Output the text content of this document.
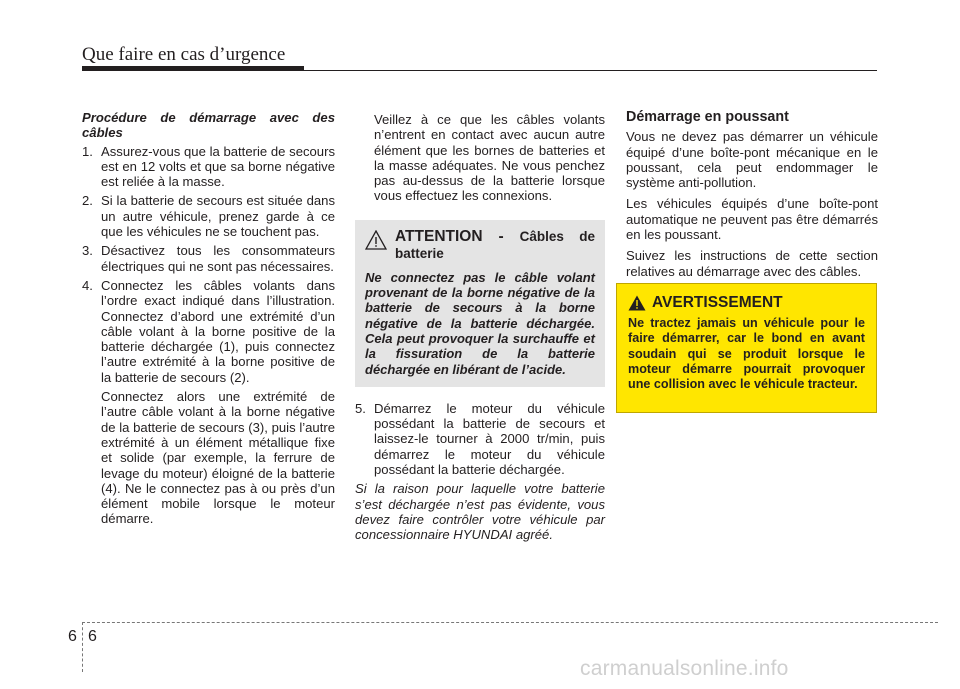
Que faire en cas d’urgence
Procédure de démarrage avec des câbles
1. Assurez-vous que la batterie de secours est en 12 volts et que sa borne négative est reliée à la masse.
2. Si la batterie de secours est située dans un autre véhicule, prenez garde à ce que les véhicules ne se touchent pas.
3. Désactivez tous les consommateurs électriques qui ne sont pas nécessaires.
4. Connectez les câbles volants dans l’ordre exact indiqué dans l’illustration. Connectez d’abord une extrémité d’un câble volant à la borne positive de la batterie déchargée (1), puis connectez l’autre extrémité à la borne positive de la batterie de secours (2).

Connectez alors une extrémité de l’autre câble volant à la borne négative de la batterie de secours (3), puis l’autre extrémité à un élément métallique fixe et solide (par exemple, la ferrure de levage du moteur) éloigné de la batterie (4). Ne le connectez pas à ou près d’un élément mobile lorsque le moteur démarre.

Veillez à ce que les câbles volants n’entrent en contact avec aucun autre élément que les bornes de batteries et la masse adéquates. Ne vous penchez pas au-dessus de la batterie lorsque vous effectuez les connexions.

ATTENTION - Câbles de batterie
Ne connectez pas le câble volant provenant de la borne négative de la batterie de secours à la borne négative de la batterie déchargée. Cela peut provoquer la surchauffe et la fissuration de la batterie déchargée en libérant de l’acide.
5. Démarrez le moteur du véhicule possédant la batterie de secours et laissez-le tourner à 2000 tr/min, puis démarrez le moteur du véhicule possédant la batterie déchargée.

Si la raison pour laquelle votre batterie s’est déchargée n’est pas évidente, vous devez faire contrôler votre véhicule par concessionnaire HYUNDAI agréé.

Démarrage en poussant

Vous ne devez pas démarrer un véhicule équipé d’une boîte-pont mécanique en le poussant, cela peut endommager le système anti-pollution.

Les véhicules équipés d’une boîte-pont automatique ne peuvent pas être démarrés en les poussant.

Suivez les instructions de cette section relatives au démarrage avec des câbles.

AVERTISSEMENT
Ne tractez jamais un véhicule pour le faire démarrer, car le bond en avant soudain qui se produit lorsque le moteur démarre pourrait provoquer une collision avec le véhicule tracteur.
6 6
carmanualsonline.info
